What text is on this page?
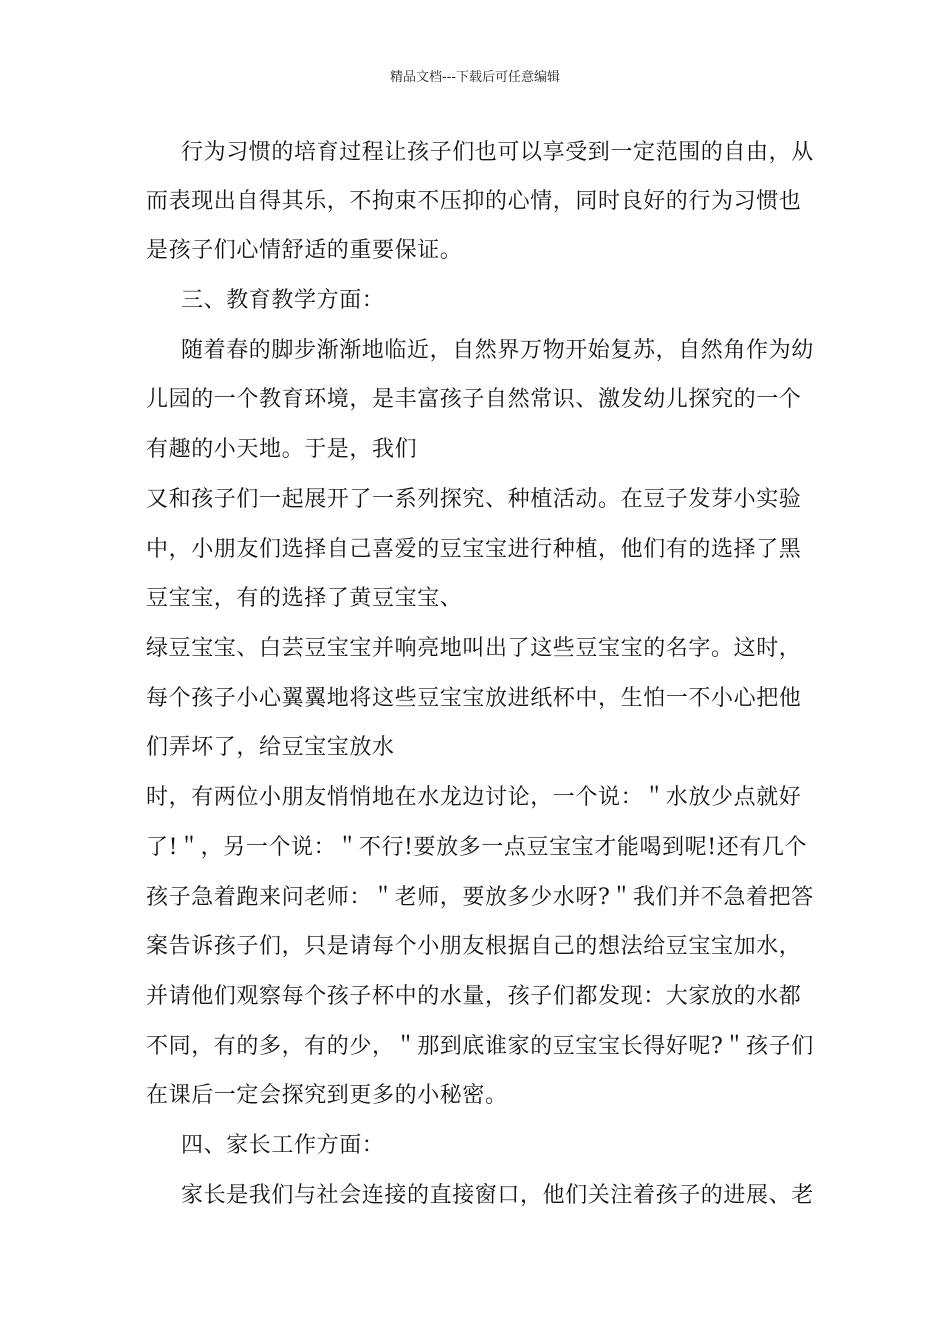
精品文档---下载后可任意编辑
行为习惯的培育过程让孩子们也可以享受到一定范围的自由，从
而表现出自得其乐，不拘束不压抑的心情，同时良好的行为习惯也
是孩子们心情舒适的重要保证。
三、教育教学方面：
随着春的脚步渐渐地临近，自然界万物开始复苏，自然角作为幼
儿园的一个教育环境，是丰富孩子自然常识、激发幼儿探究的一个
有趣的小天地。于是，我们
又和孩子们一起展开了一系列探究、种植活动。在豆子发芽小实验
中，小朋友们选择自己喜爱的豆宝宝进行种植，他们有的选择了黑
豆宝宝，有的选择了黄豆宝宝、
绿豆宝宝、白芸豆宝宝并响亮地叫出了这些豆宝宝的名字。这时，
每个孩子小心翼翼地将这些豆宝宝放进纸杯中，生怕一不小心把他
们弄坏了，给豆宝宝放水
时，有两位小朋友悄悄地在水龙边讨论，一个说：＂水放少点就好
了!＂，另一个说：＂不行!要放多一点豆宝宝才能喝到呢!还有几个
孩子急着跑来问老师：＂老师，要放多少水呀?＂我们并不急着把答
案告诉孩子们，只是请每个小朋友根据自己的想法给豆宝宝加水，
并请他们观察每个孩子杯中的水量，孩子们都发现：大家放的水都
不同，有的多，有的少，＂那到底谁家的豆宝宝长得好呢?＂孩子们
在课后一定会探究到更多的小秘密。
四、家长工作方面：
家长是我们与社会连接的直接窗口，他们关注着孩子的进展、老
